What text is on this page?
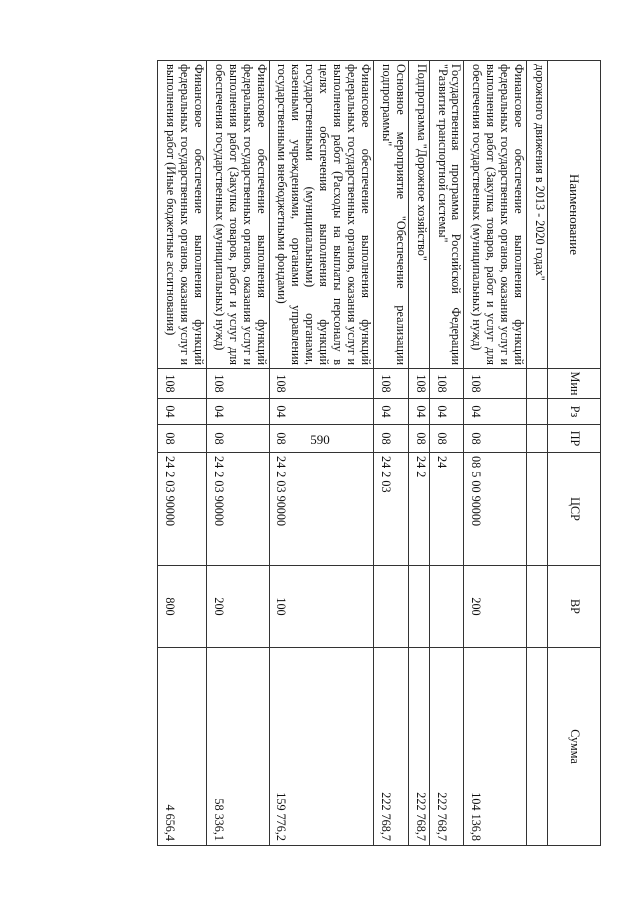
590
Наименование	Мин	Рз	ПР	ЦСР	ВР	Сумма
дорожного движения в 2013 - 2020 годах"						
Финансовое обеспечение выполнения функций федеральных государственных органов, оказания услуг и выполнения работ (Закупка товаров, работ и услуг для обеспечения государственных (муниципальных) нужд)	108	04	08	08 5 00 90000	200	104 136,8
Государственная программа Российской Федерации "Развитие транспортной системы"	108	04	08	24		222 768,7
Подпрограмма "Дорожное хозяйство"	108	04	08	24 2		222 768,7
Основное мероприятие "Обеспечение реализации подпрограммы"	108	04	08	24 2 03		222 768,7
Финансовое обеспечение выполнения функций федеральных государственных органов, оказания услуг и выполнения работ (Расходы на выплаты персоналу в целях обеспечения выполнения функций государственными (муниципальными) органами, казенными учреждениями, органами управления государственными внебюджетными фондами)	108	04	08	24 2 03 90000	100	159 776,2
Финансовое обеспечение выполнения функций федеральных государственных органов, оказания услуг и выполнения работ (Закупка товаров, работ и услуг для обеспечения государственных (муниципальных) нужд)	108	04	08	24 2 03 90000	200	58 336,1
Финансовое обеспечение выполнения функций федеральных государственных органов, оказания услуг и выполнения работ (Иные бюджетные ассигнования)	108	04	08	24 2 03 90000	800	4 656,4
